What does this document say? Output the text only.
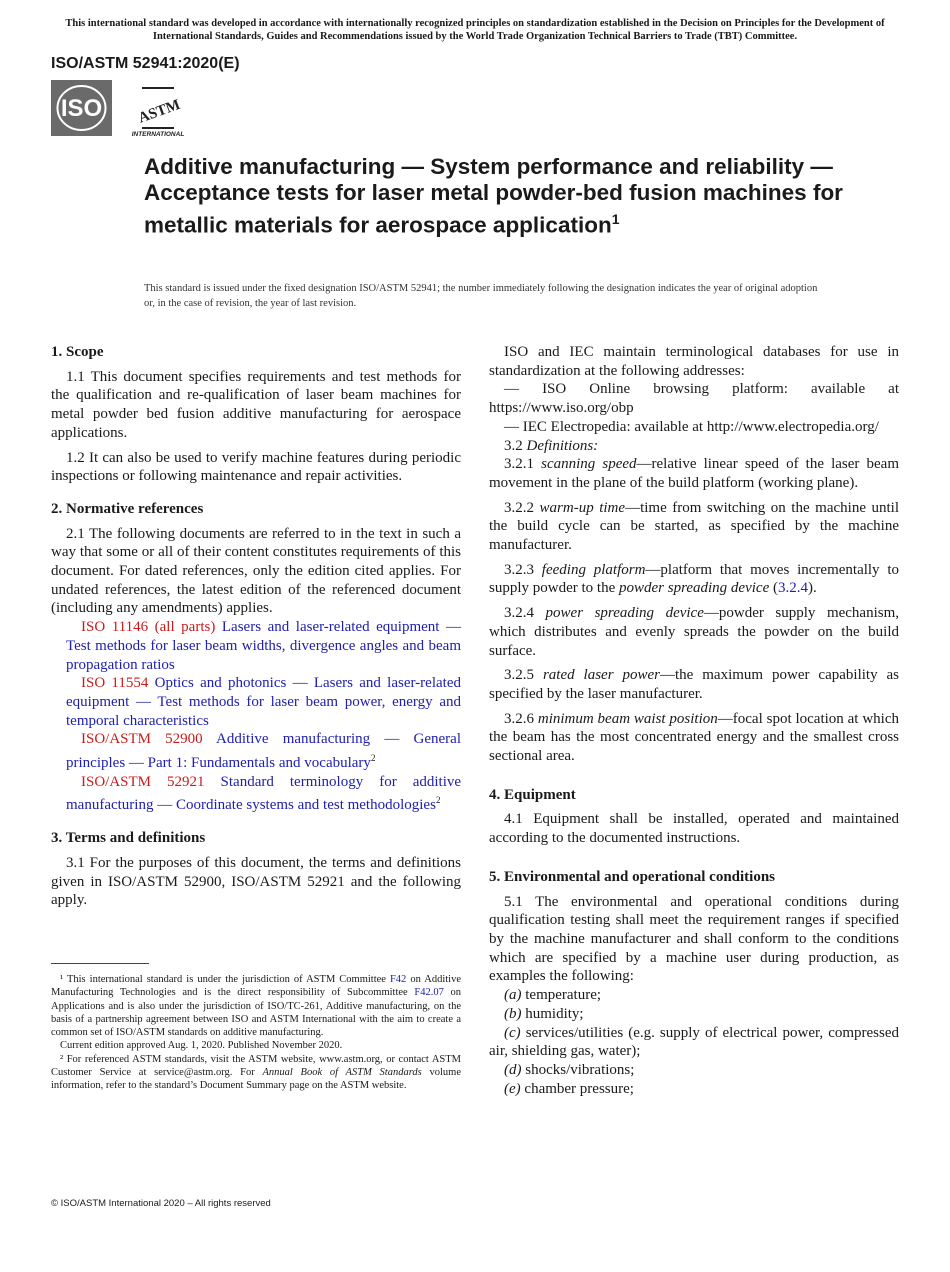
This international standard was developed in accordance with internationally recognized principles on standardization established in the Decision on Principles for the Development of International Standards, Guides and Recommendations issued by the World Trade Organization Technical Barriers to Trade (TBT) Committee.
ISO/ASTM 52941:2020(E)
ISO ASTM
INTERNATIONAL
Additive manufacturing — System performance and reliability — Acceptance tests for laser metal powder-bed fusion machines for metallic materials for aerospace application$^1$
This standard is issued under the fixed designation ISO/ASTM 52941; the number immediately following the designation indicates the year of original adoption or, in the case of revision, the year of last revision.
1. Scope

1.1 This document specifies requirements and test methods for the qualification and re-qualification of laser beam machines for metal powder bed fusion additive manufacturing for aerospace applications.

1.2 It can also be used to verify machine features during periodic inspections or following maintenance and repair activities.

2. Normative references

2.1 The following documents are referred to in the text in such a way that some or all of their content constitutes requirements of this document. For dated references, only the edition cited applies. For undated references, the latest edition of the referenced document (including any amendments) applies.

ISO 11146 (all parts) Lasers and laser-related equipment — Test methods for laser beam widths, divergence angles and beam propagation ratios

ISO 11554 Optics and photonics — Lasers and laser-related equipment — Test methods for laser beam power, energy and temporal characteristics

ISO/ASTM 52900 Additive manufacturing — General principles — Part 1: Fundamentals and vocabulary$^2$

ISO/ASTM 52921 Standard terminology for additive manufacturing — Coordinate systems and test methodologies$^2$

3. Terms and definitions

3.1 For the purposes of this document, the terms and definitions given in ISO/ASTM 52900, ISO/ASTM 52921 and the following apply.

¹ This international standard is under the jurisdiction of ASTM Committee F42 on Additive Manufacturing Technologies and is the direct responsibility of Subcommittee F42.07 on Applications and is also under the jurisdiction of ISO/TC-261, Additive manufacturing, on the basis of a partnership agreement between ISO and ASTM International with the aim to create a common set of ISO/ASTM standards on additive manufacturing.

Current edition approved Aug. 1, 2020. Published November 2020.

² For referenced ASTM standards, visit the ASTM website, www.astm.org, or contact ASTM Customer Service at service@astm.org. For Annual Book of ASTM Standards volume information, refer to the standard’s Document Summary page on the ASTM website.

ISO and IEC maintain terminological databases for use in standardization at the following addresses:

— ISO Online browsing platform: available at https://www.iso.org/obp

— IEC Electropedia: available at http://www.electropedia.org/

3.2 Definitions:

3.2.1 scanning speed—relative linear speed of the laser beam movement in the plane of the build platform (working plane).

3.2.2 warm-up time—time from switching on the machine until the build cycle can be started, as specified by the machine manufacturer.

3.2.3 feeding platform—platform that moves incrementally to supply powder to the powder spreading device (3.2.4).

3.2.4 power spreading device—powder supply mechanism, which distributes and evenly spreads the powder on the build surface.

3.2.5 rated laser power—the maximum power capability as specified by the laser manufacturer.

3.2.6 minimum beam waist position—focal spot location at which the beam has the most concentrated energy and the smallest cross sectional area.

4. Equipment

4.1 Equipment shall be installed, operated and maintained according to the documented instructions.

5. Environmental and operational conditions

5.1 The environmental and operational conditions during qualification testing shall meet the requirement ranges if specified by the machine manufacturer and shall conform to the conditions which are specified by a machine user during production, as examples the following:

(a) temperature;

(b) humidity;

(c) services/utilities (e.g. supply of electrical power, compressed air, shielding gas, water);

(d) shocks/vibrations;

(e) chamber pressure;

© ISO/ASTM International 2020 – All rights reserved
